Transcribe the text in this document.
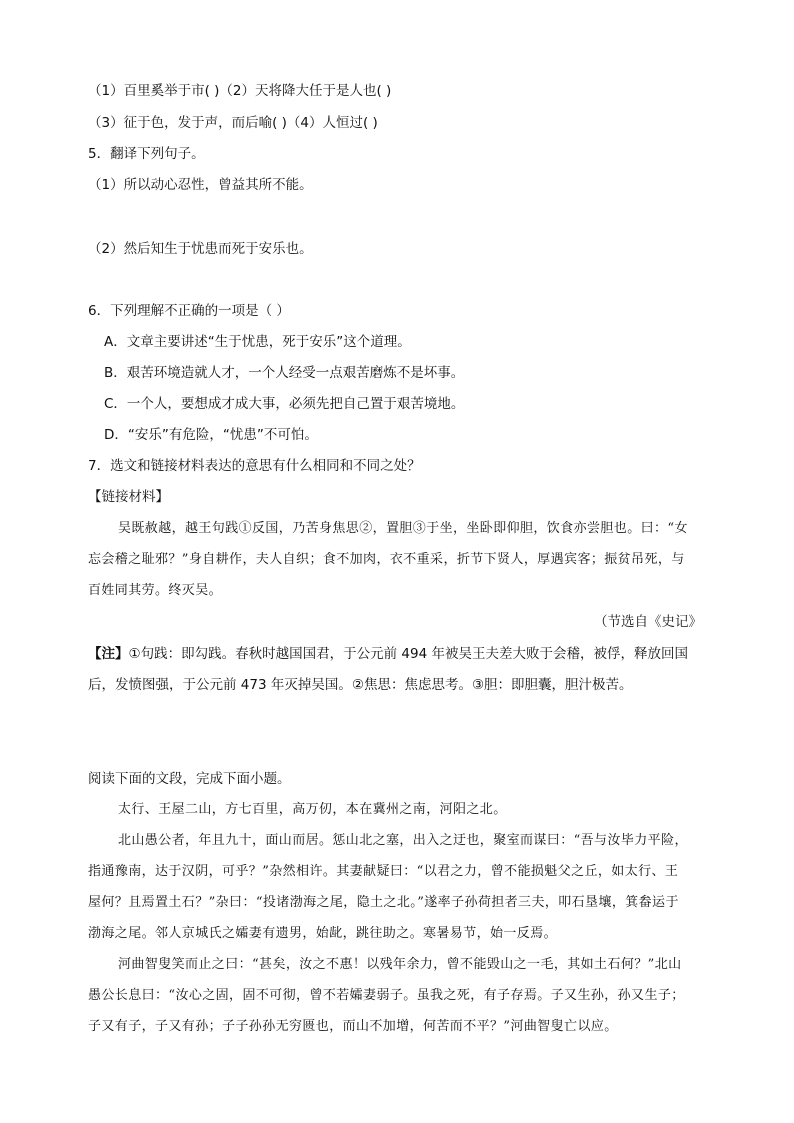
（1）百里奚举于市( )（2）天将降大任于是人也( )
（3）征于色，发于声，而后喻( )（4）人恒过( )
5．翻译下列句子。
（1）所以动心忍性，曾益其所不能。
（2）然后知生于忧患而死于安乐也。
6．下列理解不正确的一项是（ ）
A．文章主要讲述“生于忧患，死于安乐”这个道理。
B．艰苦环境造就人才，一个人经受一点艰苦磨炼不是坏事。
C．一个人，要想成才成大事，必须先把自己置于艰苦境地。
D．“安乐”有危险，“忧患”不可怕。
7．选文和链接材料表达的意思有什么相同和不同之处？
【链接材料】
吴既赦越，越王句践①反国，乃苦身焦思②，置胆③于坐，坐卧即仰胆，饮食亦尝胆也。曰：“女
忘会稽之耻邪？”身自耕作，夫人自织；食不加肉，衣不重采，折节下贤人，厚遇宾客；振贫吊死，与
百姓同其劳。终灭吴。
（节选自《史记》
【注】①句践：即勾践。春秋时越国国君，于公元前 494 年被吴王夫差大败于会稽，被俘，释放回国
后，发愤图强，于公元前 473 年灭掉吴国。②焦思：焦虑思考。③胆：即胆囊，胆汁极苦。
阅读下面的文段，完成下面小题。
太行、王屋二山，方七百里，高万仞，本在冀州之南，河阳之北。
北山愚公者，年且九十，面山而居。惩山北之塞，出入之迂也，聚室而谋曰：“吾与汝毕力平险，
指通豫南，达于汉阴，可乎？”杂然相许。其妻献疑曰：“以君之力，曾不能损魁父之丘，如太行、王
屋何？且焉置土石？”杂曰：“投诸渤海之尾，隐土之北。”遂率子孙荷担者三夫，叩石垦壤，箕畚运于
渤海之尾。邻人京城氏之孀妻有遗男，始龀，跳往助之。寒暑易节，始一反焉。
河曲智叟笑而止之曰：“甚矣，汝之不惠！以残年余力，曾不能毁山之一毛，其如土石何？”北山
愚公长息曰：“汝心之固，固不可彻，曾不若孀妻弱子。虽我之死，有子存焉。子又生孙，孙又生子；
子又有子，子又有孙；子子孙孙无穷匮也，而山不加增，何苦而不平？”河曲智叟亡以应。
